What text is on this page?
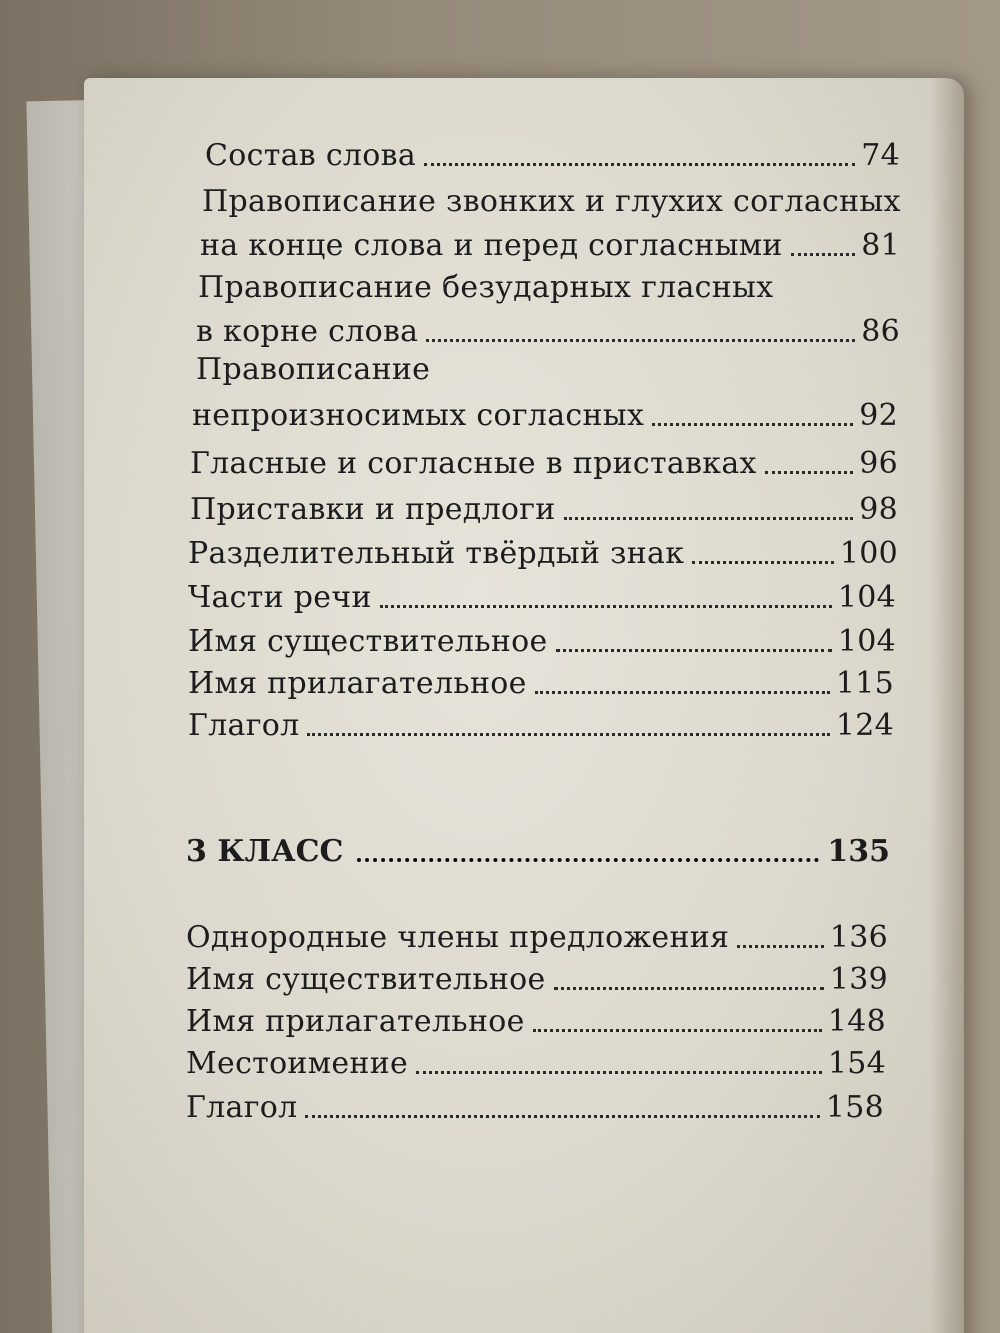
Состав слова	74
Правописание звонких и глухих согласных
на конце слова и перед согласными	81
Правописание безударных гласных
в корне слова	86
Правописание
непроизносимых согласных	92
Гласные и согласные в приставках	96
Приставки и предлоги	98
Разделительный твёрдый знак	100
Части речи	104
Имя существительное	104
Имя прилагательное	115
Глагол	124
3 КЛАСС	135
Однородные члены предложения	136
Имя существительное	139
Имя прилагательное	148
Местоимение	154
Глагол	158
